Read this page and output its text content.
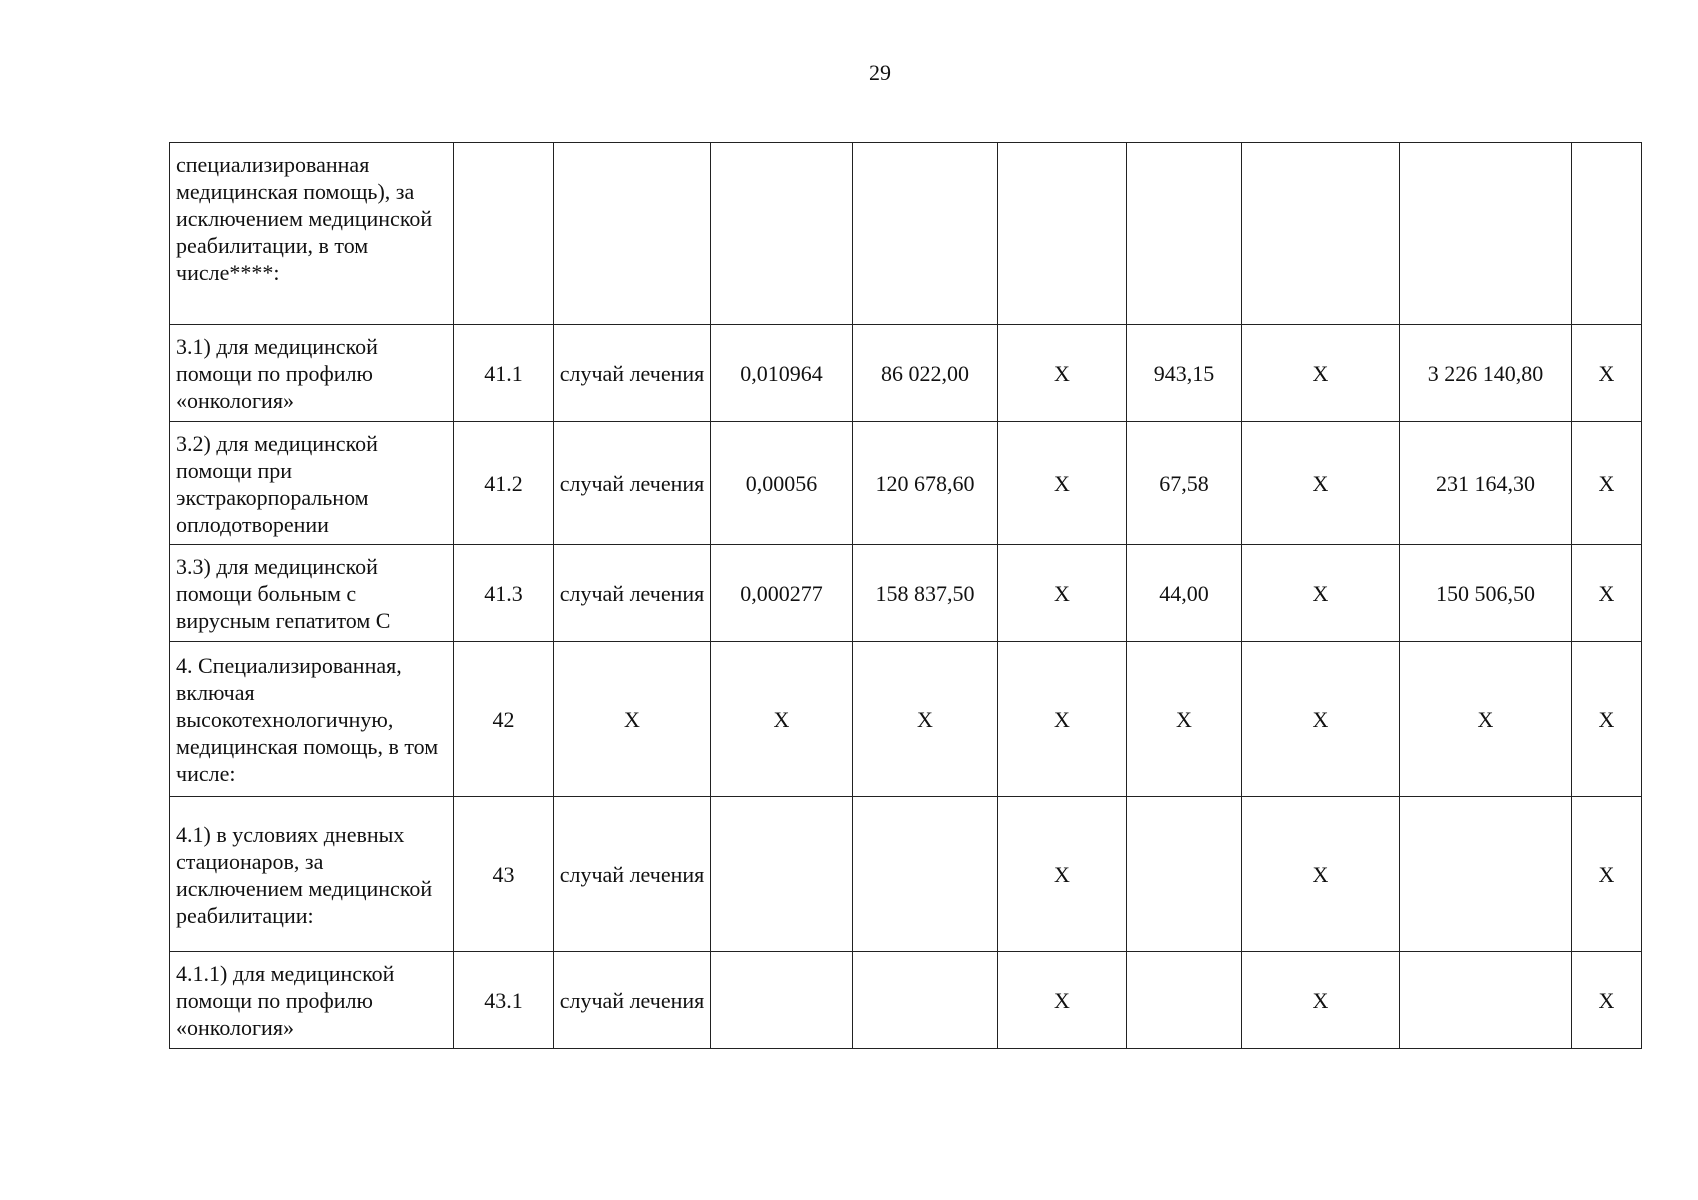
29
специализированная медицинская помощь), за исключением медицинской реабилитации, в том числе****:									
3.1) для медицинской помощи по профилю «онкология»	41.1	случай лечения	0,010964	86 022,00	X	943,15	X	3 226 140,80	X
3.2) для медицинской помощи при экстракорпоральном оплодотворении	41.2	случай лечения	0,00056	120 678,60	X	67,58	X	231 164,30	X
3.3) для медицинской помощи больным с вирусным гепатитом С	41.3	случай лечения	0,000277	158 837,50	X	44,00	X	150 506,50	X
4. Специализированная, включая высокотехнологичную, медицинская помощь, в том числе:	42	X	X	X	X	X	X	X	X
4.1) в условиях дневных стационаров, за исключением медицинской реабилитации:	43	случай лечения			X		X		X
4.1.1) для медицинской помощи по профилю «онкология»	43.1	случай лечения			X		X		X
